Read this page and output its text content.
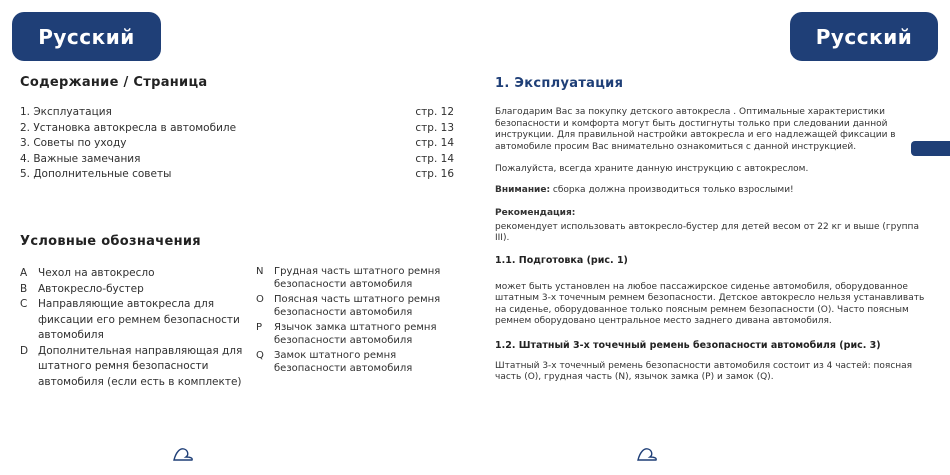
Русский	Русский
Содержание / Страница
1. Эксплуатация	стр. 12
2. Установка автокресла в автомобиле	стр. 13
3. Советы по уходу	стр. 14
4. Важные замечания	стр. 14
5. Дополнительные советы	стр. 16
Условные обозначения
A	Чехол на автокресло
B	Автокресло-бустер
C	Направляющие автокресла для фиксации его ремнем безопасности автомобиля
D Дополнительная направляющая для штатного ремня безопасности автомобиля (если есть в комплекте)
N	Грудная часть штатного ремня безопасности автомобиля
O	Поясная часть штатного ремня безопасности автомобиля
P	Язычок замка штатного ремня безопасности автомобиля
Q	Замок штатного ремня безопасности автомобиля
1. Эксплуатация

Благодарим Вас за покупку детского автокресла . Оптимальные характеристики безопасности и комфорта могут быть достигнуты только при следовании данной инструкции. Для правильной настройки автокресла и его надлежащей фиксации в автомобиле просим Вас внимательно ознакомиться с данной инструкцией.

Пожалуйста, всегда храните данную инструкцию с автокреслом.

Внимание: сборка должна производиться только взрослыми!

Рекомендация:

рекомендует использовать автокресло-бустер для детей весом от 22 кг и выше (группа III).

1.1. Подготовка (рис. 1)

может быть установлен на любое пассажирское сиденье автомобиля, оборудованное штатным 3-х точечным ремнем безопасности. Детское автокресло нельзя устанавливать на сиденье, оборудованное только поясным ремнем безопасности (O). Часто поясным ремнем оборудовано центральное место заднего дивана автомобиля.

1.2. Штатный 3-х точечный ремень безопасности автомобиля (рис. 3)

Штатный 3-х точечный ремень безопасности автомобиля состоит из 4 частей: поясная часть (O), грудная часть (N), язычок замка (P) и замок (Q).
